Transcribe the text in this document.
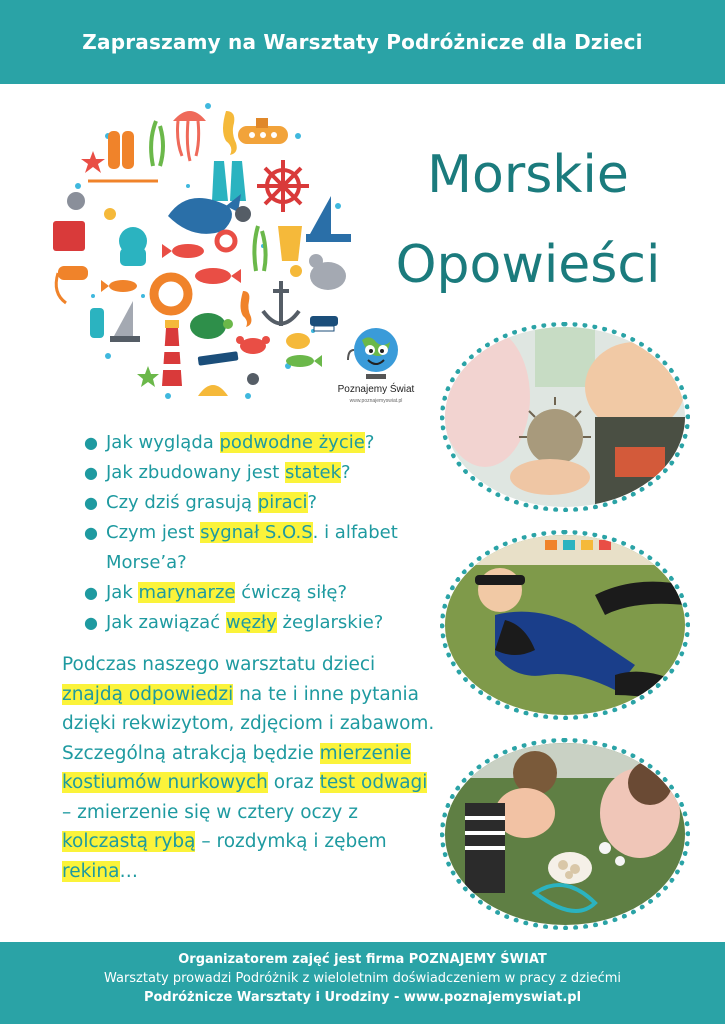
Zapraszamy na Warsztaty Podróżnicze dla Dzieci
Morskie
Opowieści
Poznajemy Świat
www.poznajemyswiat.pl
● Jak wygląda podwodne życie?
● Jak zbudowany jest statek?
● Czy dziś grasują piraci?
● Czym jest sygnał S.O.S. i alfabet Morse’a?
● Jak marynarze ćwiczą siłę?
● Jak zawiązać węzły żeglarskie?
Podczas naszego warsztatu dzieci znajdą odpowiedzi na te i inne pytania dzięki rekwizytom, zdjęciom i zabawom.
Szczególną atrakcją będzie mierzenie kostiumów nurkowych oraz test odwagi – zmierzenie się w cztery oczy z kolczastą rybą – rozdymką i zębem rekina…
Organizatorem zajęć jest firma POZNAJEMY ŚWIAT
Warsztaty prowadzi Podróżnik z wieloletnim doświadczeniem w pracy z dziećmi
Podróżnicze Warsztaty i Urodziny - www.poznajemyswiat.pl
